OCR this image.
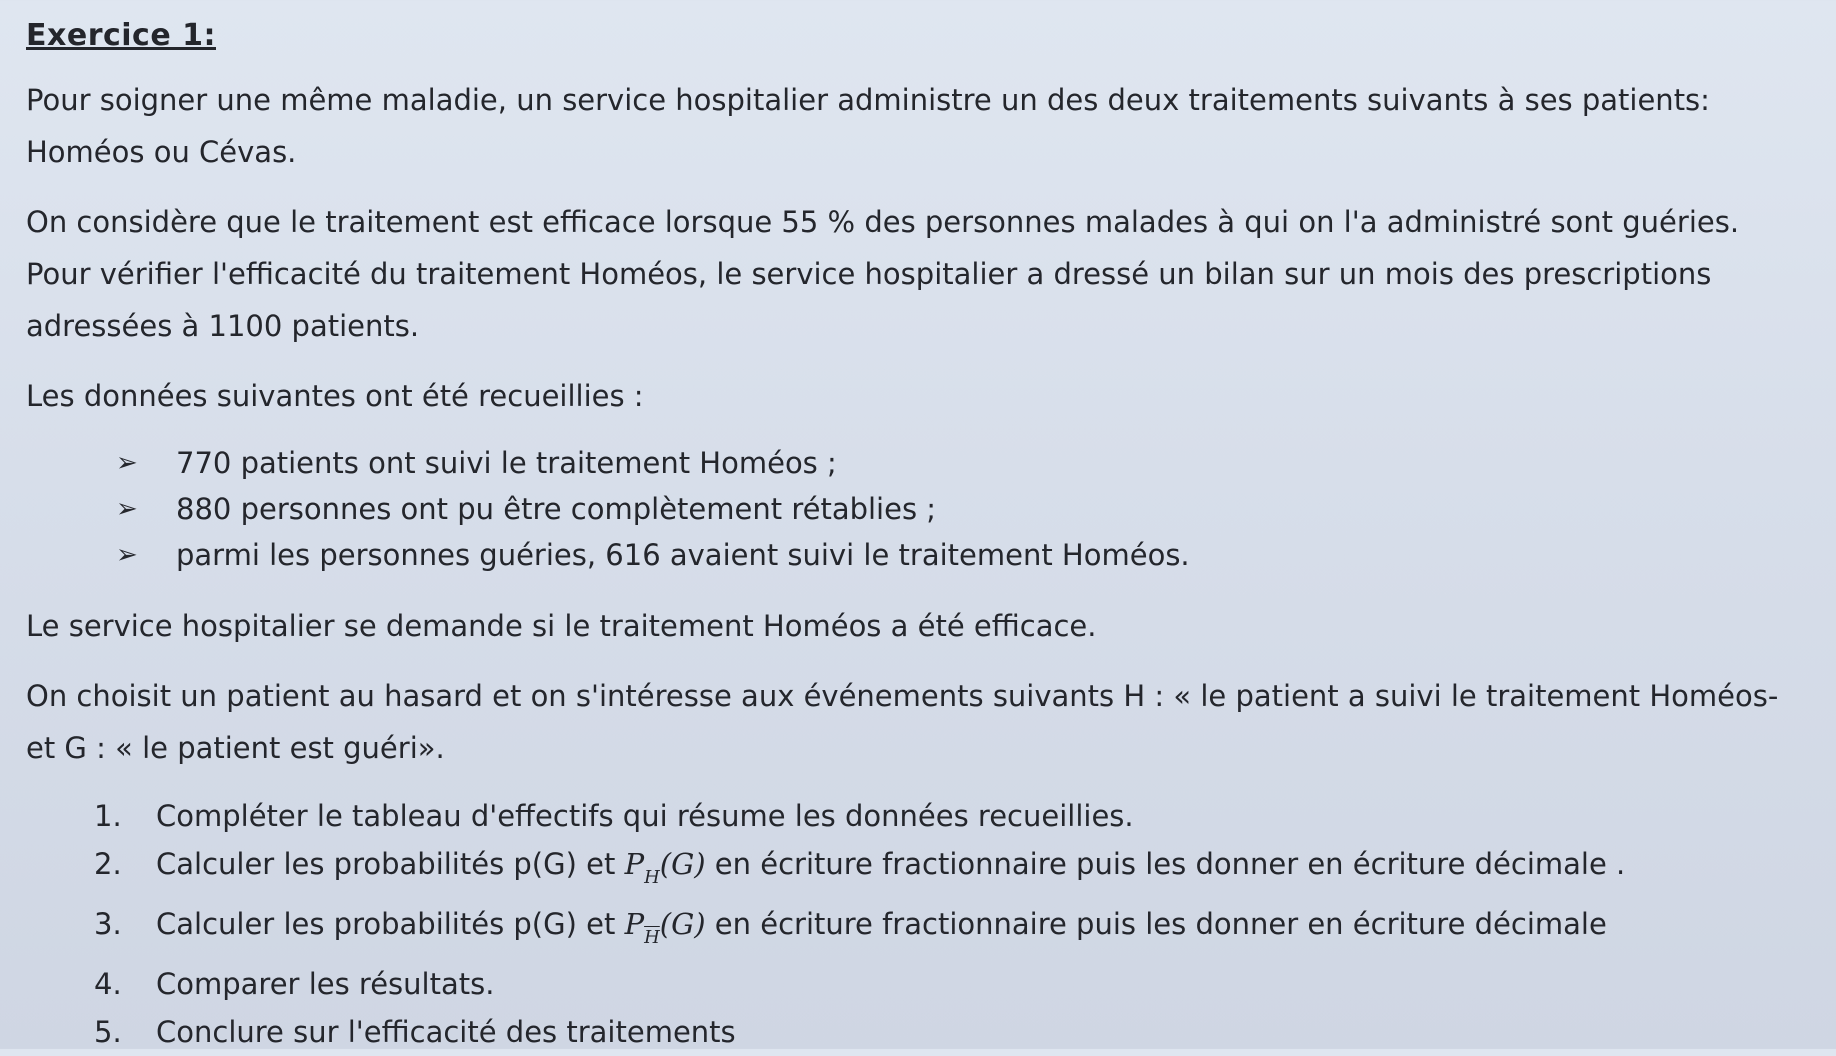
Exercice 1:

Pour soigner une même maladie, un service hospitalier administre un des deux traitements suivants à ses patients: Homéos ou Cévas.

On considère que le traitement est efficace lorsque 55 % des personnes malades à qui on l'a administré sont guéries. Pour vérifier l'efficacité du traitement Homéos, le service hospitalier a dressé un bilan sur un mois des prescriptions adressées à 1100 patients.

Les données suivantes ont été recueillies :

➢ 770 patients ont suivi le traitement Homéos ;
➢ 880 personnes ont pu être complètement rétablies ;
➢ parmi les personnes guéries, 616 avaient suivi le traitement Homéos.

Le service hospitalier se demande si le traitement Homéos a été efficace.

On choisit un patient au hasard et on s'intéresse aux événements suivants H : « le patient a suivi le traitement Homéos- et G : « le patient est guéri».

1.	Compléter le tableau d'effectifs qui résume les données recueillies.
2.	Calculer les probabilités p(G) et $P_H(G)$ en écriture fractionnaire puis les donner en écriture décimale .
3.	Calculer les probabilités p(G) et $P_{\overline{H}}(G)$ en écriture fractionnaire puis les donner en écriture décimale
4.	Comparer les résultats.
5.	Conclure sur l'efficacité des traitements
